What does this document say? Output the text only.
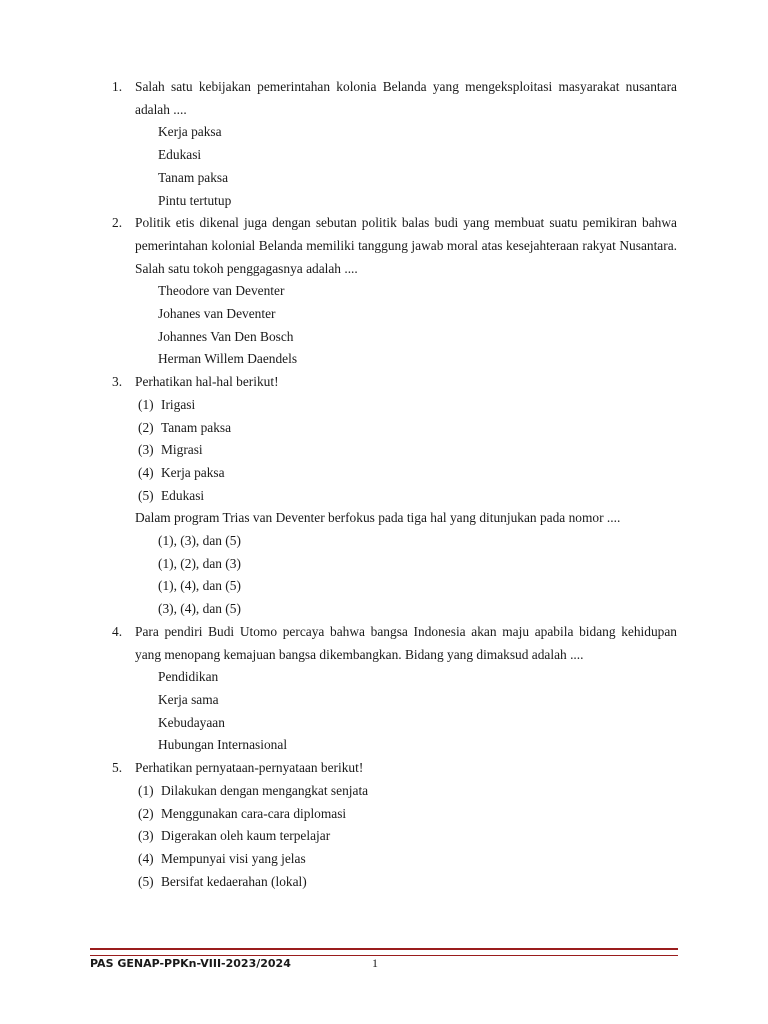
1. Salah satu kebijakan pemerintahan kolonia Belanda yang mengeksploitasi masyarakat nusantara adalah ....
Kerja paksa
Edukasi
Tanam paksa
Pintu tertutup
2. Politik etis dikenal juga dengan sebutan politik balas budi yang membuat suatu pemikiran bahwa pemerintahan kolonial Belanda memiliki tanggung jawab moral atas kesejahteraan rakyat Nusantara. Salah satu tokoh penggagasnya adalah ....
Theodore van Deventer
Johanes van Deventer
Johannes Van Den Bosch
Herman Willem Daendels
3. Perhatikan hal-hal berikut!
(1) Irigasi
(2) Tanam paksa
(3) Migrasi
(4) Kerja paksa
(5) Edukasi
Dalam program Trias van Deventer berfokus pada tiga hal yang ditunjukan pada nomor ....
(1), (3), dan (5)
(1), (2), dan (3)
(1), (4), dan (5)
(3), (4), dan (5)
4. Para pendiri Budi Utomo percaya bahwa bangsa Indonesia akan maju apabila bidang kehidupan yang menopang kemajuan bangsa dikembangkan. Bidang yang dimaksud adalah ....
Pendidikan
Kerja sama
Kebudayaan
Hubungan Internasional
5. Perhatikan pernyataan-pernyataan berikut!
(1) Dilakukan dengan mengangkat senjata
(2) Menggunakan cara-cara diplomasi
(3) Digerakan oleh kaum terpelajar
(4) Mempunyai visi yang jelas
(5) Bersifat kedaerahan (lokal)
PAS GENAP-PPKn-VIII-2023/2024	1
